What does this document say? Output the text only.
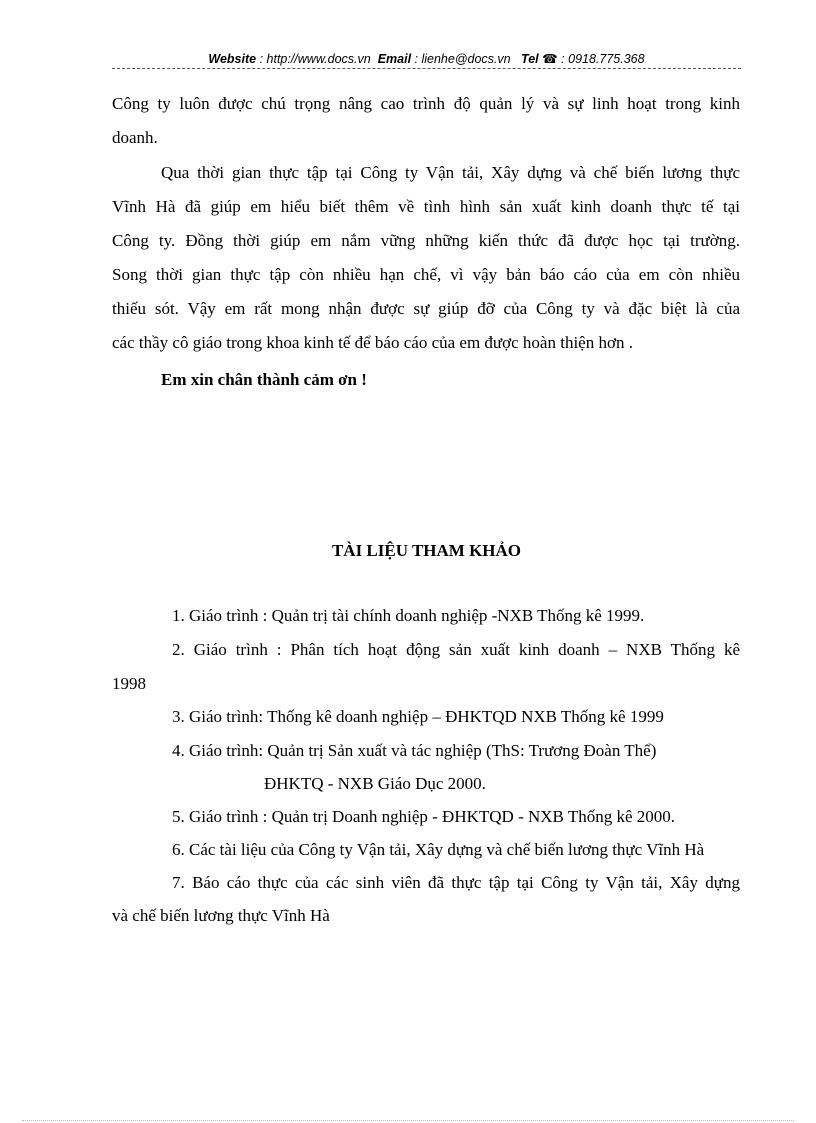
Website : http://www.docs.vn Email : lienhe@docs.vn Tel ☎ : 0918.775.368
Công ty luôn được chú trọng nâng cao trình độ quản lý và sự linh hoạt trong kinh
doanh.
Qua thời gian thực tập tại Công ty Vận tải, Xây dựng và chế biến lương thực
Vĩnh Hà đã giúp em hiểu biết thêm về tình hình sản xuất kinh doanh thực tế tại
Công ty. Đồng thời giúp em nắm vững những kiến thức đã được học tại trường.
Song thời gian thực tập còn nhiều hạn chế, vì vậy bản báo cáo của em còn nhiều
thiếu sót. Vậy em rất mong nhận được sự giúp đỡ của Công ty và đặc biệt là của
các thầy cô giáo trong khoa kinh tế để báo cáo của em được hoàn thiện hơn .
Em xin chân thành cảm ơn !
TÀI LIỆU THAM KHẢO
1. Giáo trình : Quản trị tài chính doanh nghiệp -NXB Thống kê 1999.
2. Giáo trình : Phân tích hoạt động sản xuất kinh doanh – NXB Thống kê
1998
3. Giáo trình: Thống kê doanh nghiệp – ĐHKTQD NXB Thống kê 1999
4. Giáo trình: Quản trị Sản xuất và tác nghiệp (ThS: Trương Đoàn Thể)
ĐHKTQ - NXB Giáo Dục 2000.
5. Giáo trình : Quản trị Doanh nghiệp - ĐHKTQD - NXB Thống kê 2000.
6. Các tài liệu của Công ty Vận tải, Xây dựng và chế biến lương thực Vĩnh Hà
7. Báo cáo thực của các sinh viên đã thực tập tại Công ty Vận tải, Xây dựng
và chế biến lương thực Vĩnh Hà
